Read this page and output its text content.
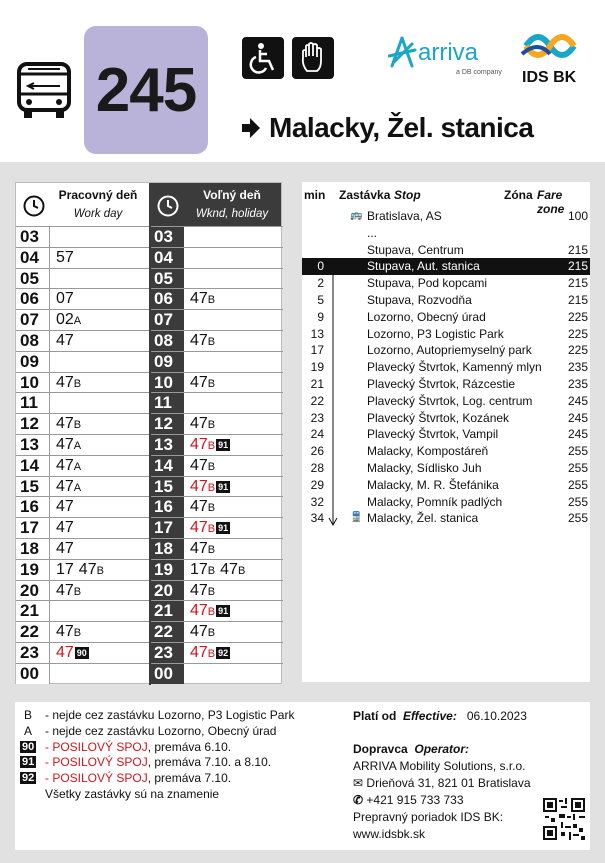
245
Malacky, Žel. stanica
arriva
a DB company IDS BK
Pracovný deň
Work day
Voľný deň
Wknd, holiday
03	03
04	57	04
05	05
06	07	06	47B
07	02A	07
08	47	08	47B
09	09
10	47B	10	47B
11	11
12	47B	12	47B
13	47A	13	47B 91
14	47A	14	47B
15	47A	15	47B 91
16	47	16	47B
17	47	17	47B 91
18	47	18	47B
19	17 47B	19	17B 47B
20	47B	20	47B
21	21	47B 91
22	47B	22	47B
23	47 90	23	47B 92
00	00
min Zastávka Stop	Zóna Fare zone
🚌 Bratislava, AS	100
...
Stupava, Centrum	215
0	Stupava, Aut. stanica	215
2	Stupava, Pod kopcami	215
5	Stupava, Rozvodňa	215
9	Lozorno, Obecný úrad	225
13	Lozorno, P3 Logistic Park	225
17	Lozorno, Autopriemyselný park	225
19	Plavecký Štvrtok, Kamenný mlyn 235
21	Plavecký Štvrtok, Rázcestie	235
22	Plavecký Štvrtok, Log. centrum	245
23	Plavecký Štvrtok, Kozánek	245
24	Plavecký Štvrtok, Vampil	245
26	Malacky, Kompostáreň	255
28	Malacky, Sídlisko Juh	255
29	Malacky, M. R. Štefánika	255
32	Malacky, Pomník padlých	255
34	🚆 Malacky, Žel. stanica	255
B - nejde cez zastávku Lozorno, P3 Logistic Park
A - nejde cez zastávku Lozorno, Obecný úrad
90 - POSILOVÝ SPOJ, premáva 6.10.
91 - POSILOVÝ SPOJ, premáva 7.10. a 8.10.
92 - POSILOVÝ SPOJ, premáva 7.10.
Všetky zastávky sú na znamenie
Platí od Effective: 06.10.2023
Dopravca Operator:
ARRIVA Mobility Solutions, s.r.o.
✉ Drieňová 31, 821 01 Bratislava
✆ +421 915 733 733
Prepravný poriadok IDS BK:
www.idsbk.sk
